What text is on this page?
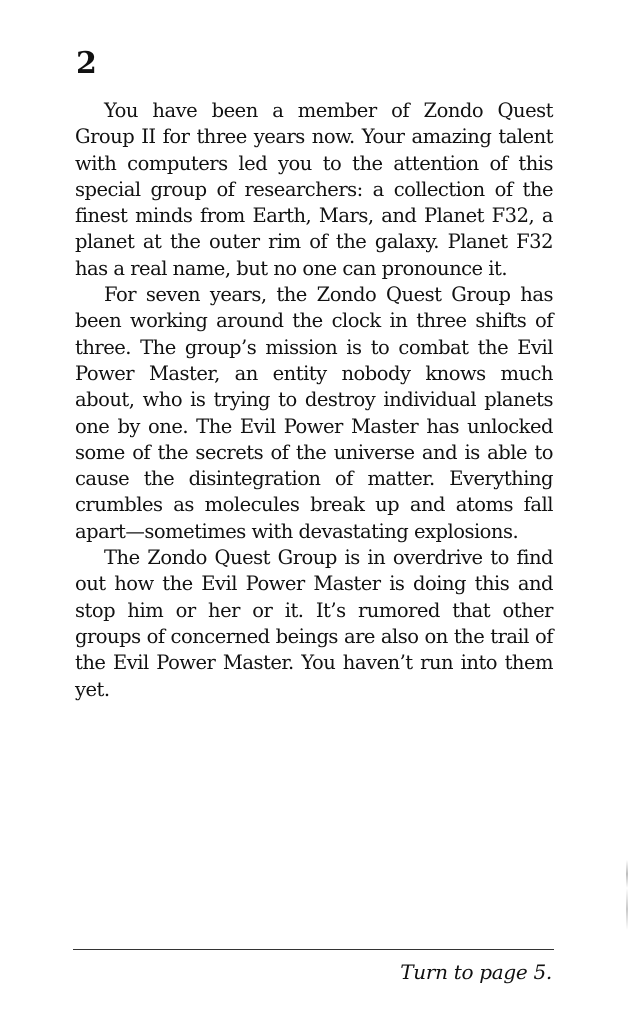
2

You have been a member of Zondo Quest Group II for three years now. Your amazing talent with computers led you to the attention of this special group of researchers: a collection of the finest minds from Earth, Mars, and Planet F32, a planet at the outer rim of the galaxy. Planet F32 has a real name, but no one can pronounce it.

For seven years, the Zondo Quest Group has been working around the clock in three shifts of three. The group’s mission is to combat the Evil Power Master, an entity nobody knows much about, who is trying to destroy individual planets one by one. The Evil Power Master has unlocked some of the secrets of the universe and is able to cause the disintegration of matter. Everything crumbles as molecules break up and atoms fall apart—sometimes with devastating explosions.

The Zondo Quest Group is in overdrive to find out how the Evil Power Master is doing this and stop him or her or it. It’s rumored that other groups of concerned beings are also on the trail of the Evil Power Master. You haven’t run into them yet.

Turn to page 5.
